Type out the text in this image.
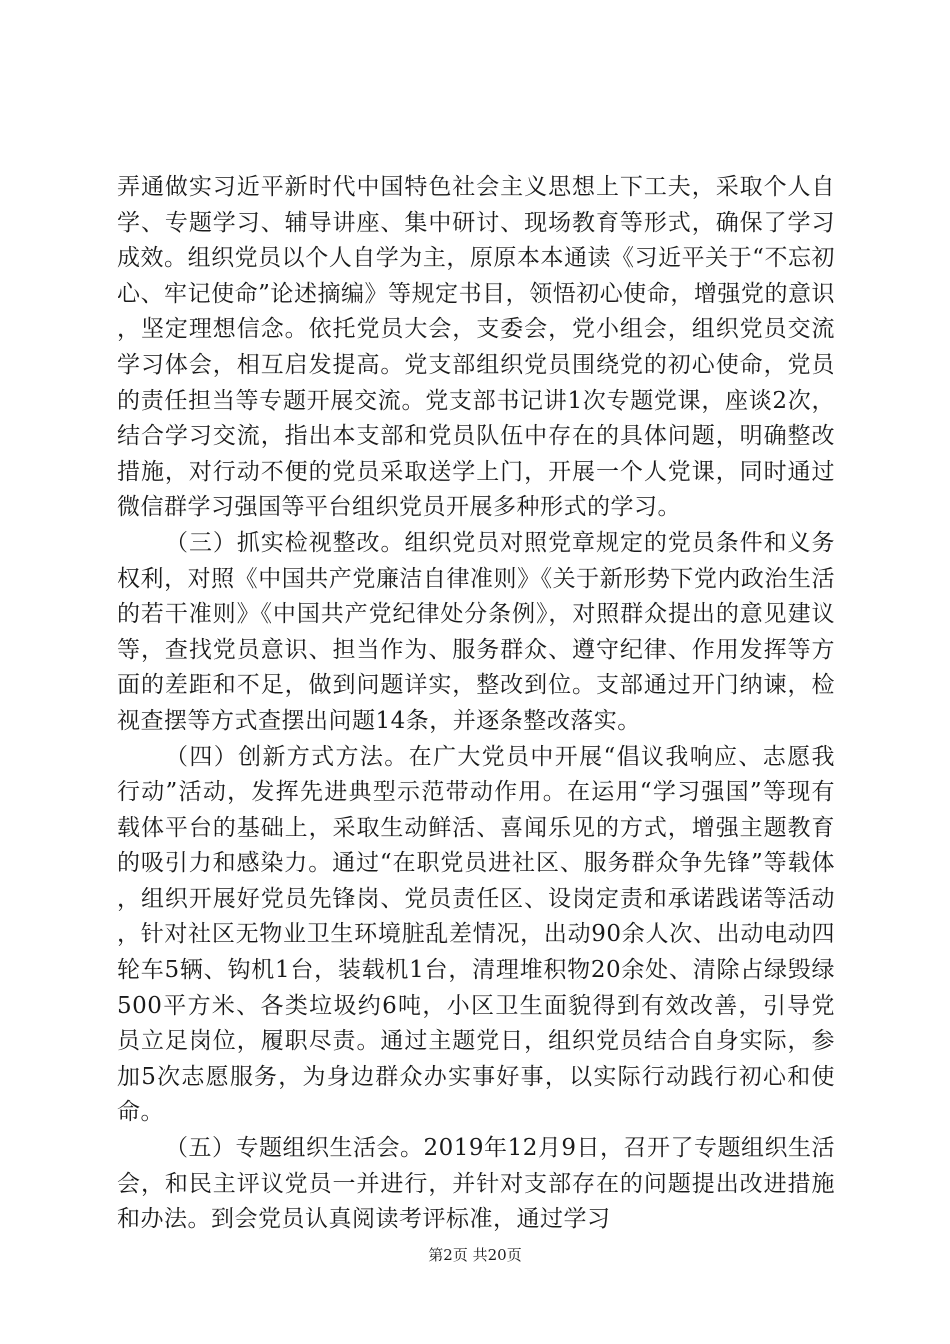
弄通做实习近平新时代中国特色社会主义思想上下工夫，采取个人自学、专题学习、辅导讲座、集中研讨、现场教育等形式，确保了学习成效。组织党员以个人自学为主，原原本本通读《习近平关于“不忘初心、牢记使命”论述摘编》等规定书目，领悟初心使命，增强党的意识，坚定理想信念。依托党员大会，支委会，党小组会，组织党员交流学习体会，相互启发提高。党支部组织党员围绕党的初心使命，党员的责任担当等专题开展交流。党支部书记讲1次专题党课，座谈2次，结合学习交流，指出本支部和党员队伍中存在的具体问题，明确整改措施，对行动不便的党员采取送学上门，开展一个人党课，同时通过微信群学习强国等平台组织党员开展多种形式的学习。

（三）抓实检视整改。组织党员对照党章规定的党员条件和义务权利，对照《中国共产党廉洁自律准则》《关于新形势下党内政治生活的若干准则》《中国共产党纪律处分条例》，对照群众提出的意见建议等，查找党员意识、担当作为、服务群众、遵守纪律、作用发挥等方面的差距和不足，做到问题详实，整改到位。支部通过开门纳谏，检视查摆等方式查摆出问题14条，并逐条整改落实。

（四）创新方式方法。在广大党员中开展“倡议我响应、志愿我行动”活动，发挥先进典型示范带动作用。在运用“学习强国”等现有载体平台的基础上，采取生动鲜活、喜闻乐见的方式，增强主题教育的吸引力和感染力。通过“在职党员进社区、服务群众争先锋”等载体，组织开展好党员先锋岗、党员责任区、设岗定责和承诺践诺等活动，针对社区无物业卫生环境脏乱差情况，出动90余人次、出动电动四轮车5辆、钩机1台，装载机1台，清理堆积物20余处、清除占绿毁绿500平方米、各类垃圾约6吨，小区卫生面貌得到有效改善，引导党员立足岗位，履职尽责。通过主题党日，组织党员结合自身实际，参加5次志愿服务，为身边群众办实事好事，以实际行动践行初心和使命。

（五）专题组织生活会。2019年12月9日，召开了专题组织生活会，和民主评议党员一并进行，并针对支部存在的问题提出改进措施和办法。到会党员认真阅读考评标准，通过学习

第2页 共20页
